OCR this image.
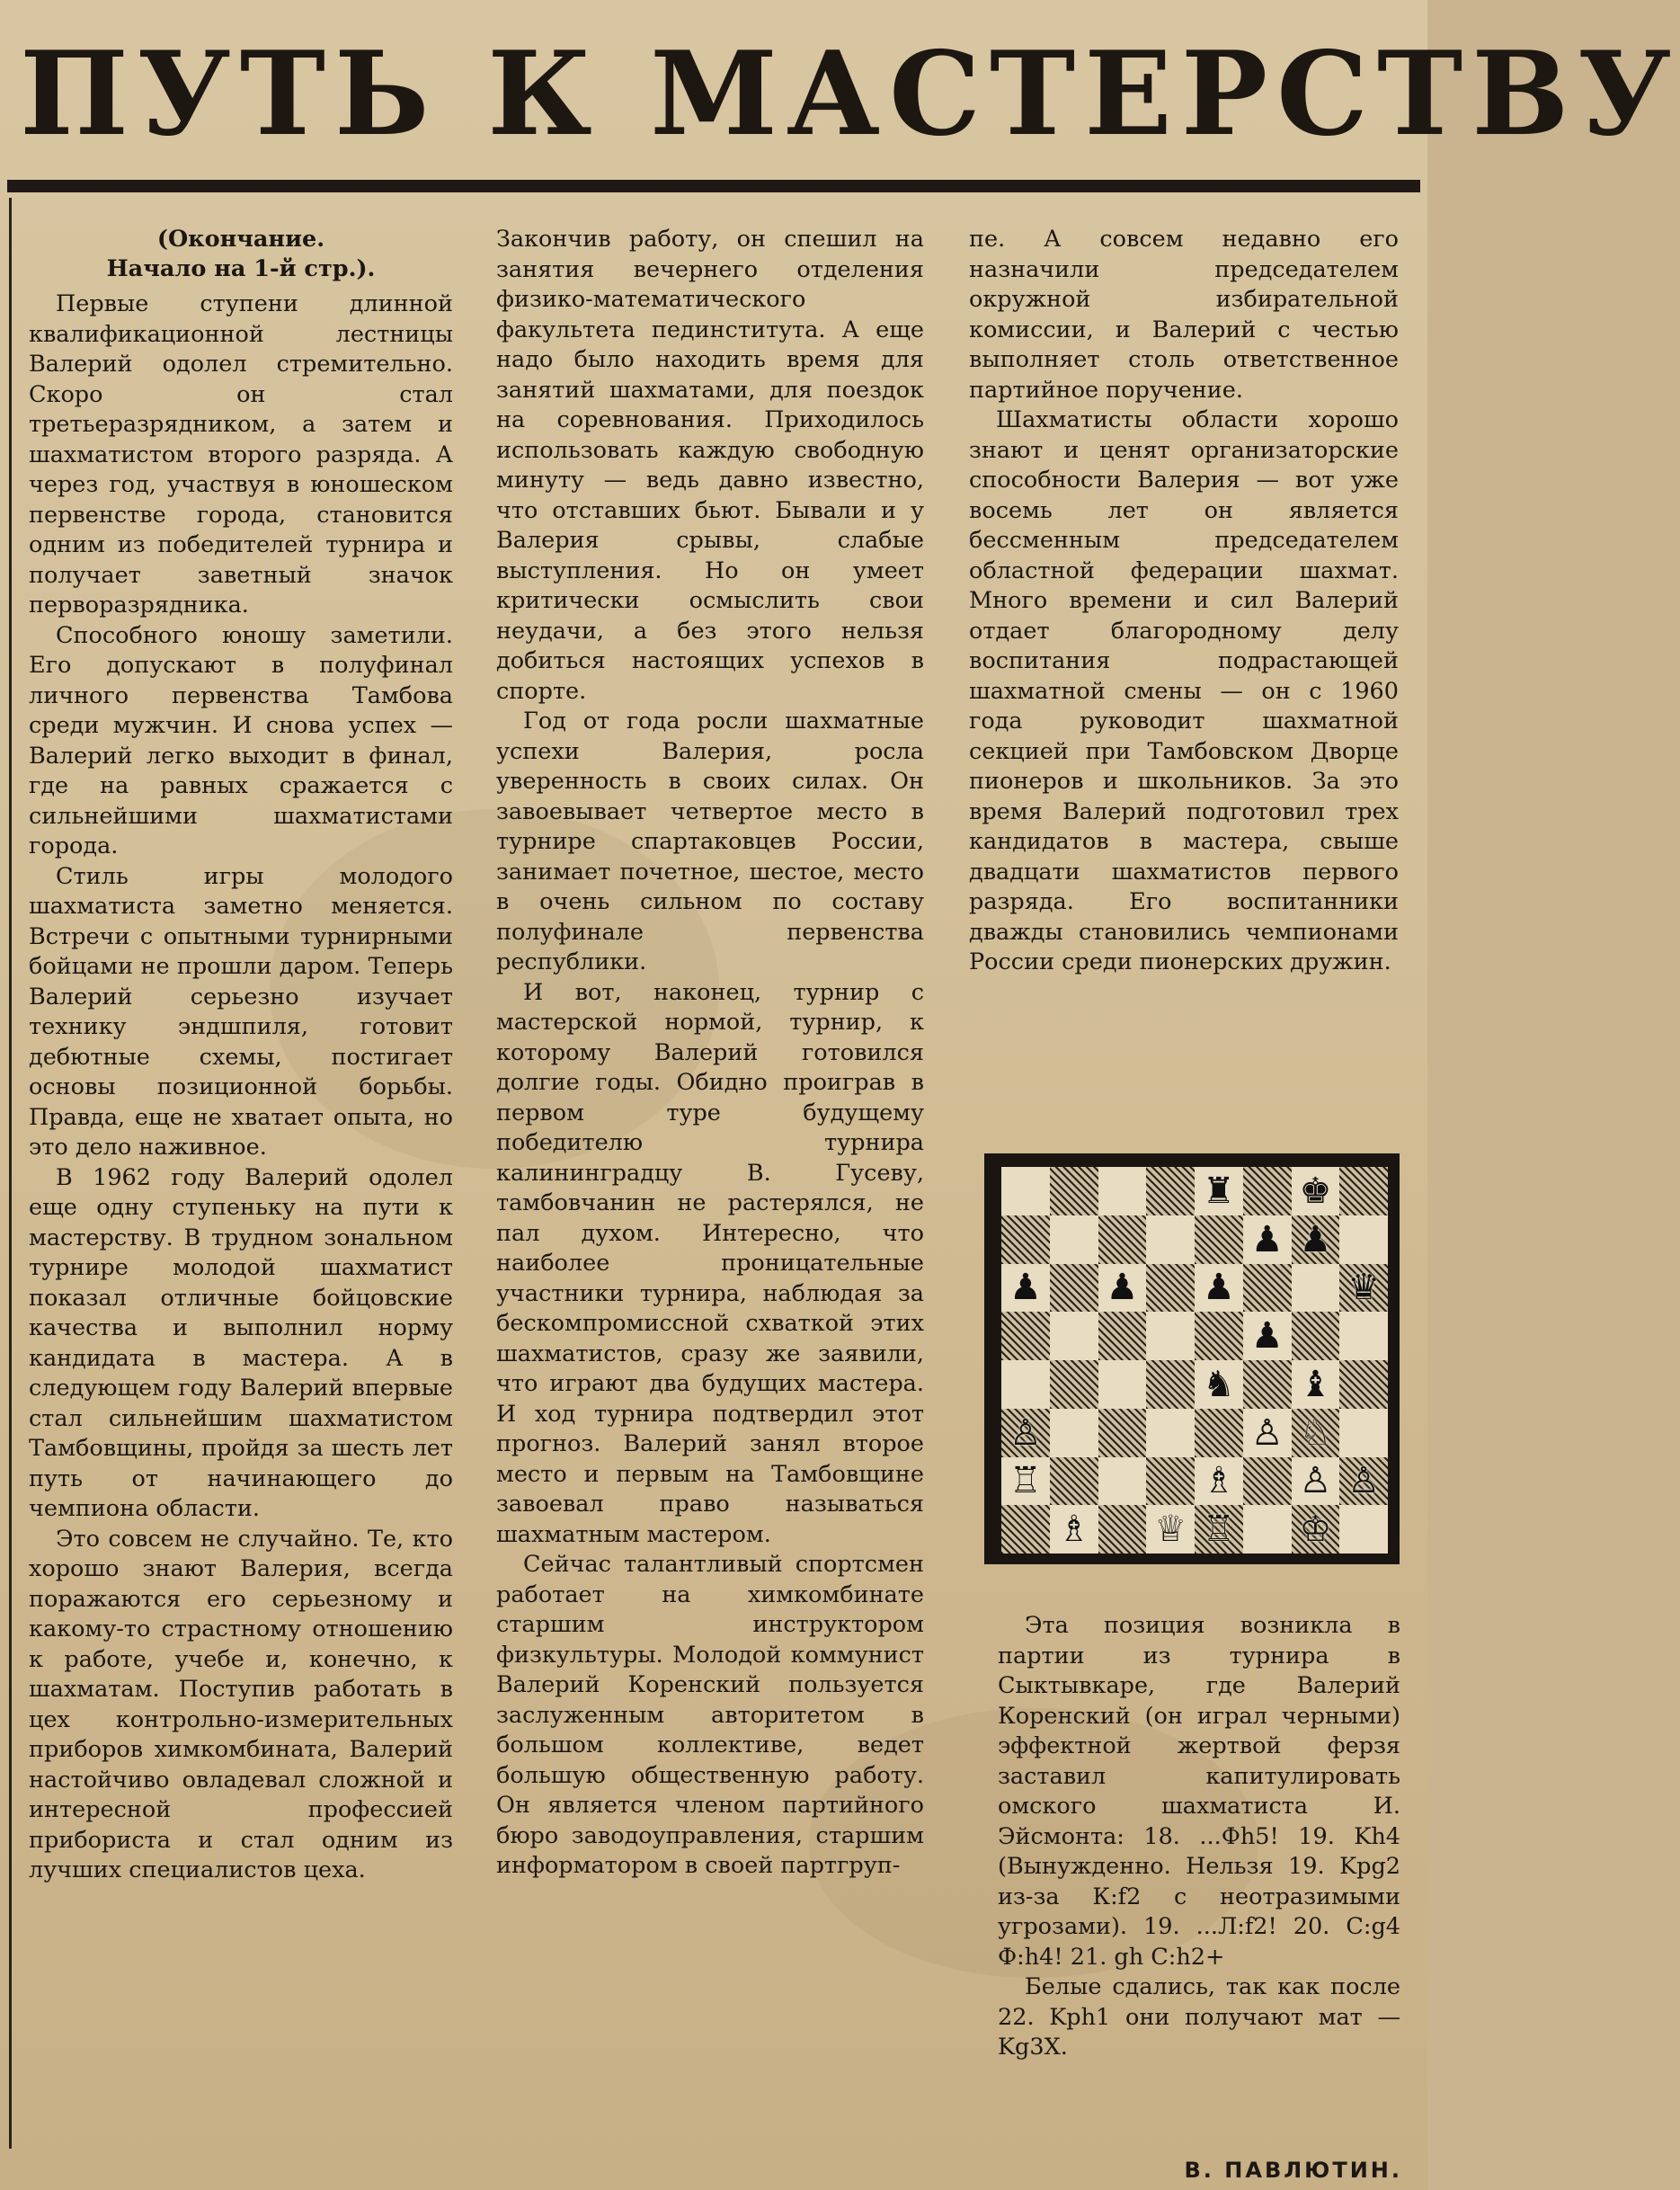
ПУТЬ К МАСТЕРСТВУ
(Окончание.
Начало на 1-й стр.).

Первые ступени длинной квалификационной лестницы Валерий одолел стремительно. Скоро он стал третьеразрядником, а затем и шахматистом второго разряда. А через год, участвуя в юношеском первенстве города, становится одним из победителей турнира и получает заветный значок перворазрядника.

Способного юношу заметили. Его допускают в полуфинал личного первенства Тамбова среди мужчин. И снова успех — Валерий легко выходит в финал, где на равных сражается с сильнейшими шахматистами города.

Стиль игры молодого шахматиста заметно меняется. Встречи с опытными турнирными бойцами не прошли даром. Теперь Валерий серьезно изучает технику эндшпиля, готовит дебютные схемы, постигает основы позиционной борьбы. Правда, еще не хватает опыта, но это дело наживное.

В 1962 году Валерий одолел еще одну ступеньку на пути к мастерству. В трудном зональном турнире молодой шахматист показал отличные бойцовские качества и выполнил норму кандидата в мастера. А в следующем году Валерий впервые стал сильнейшим шахматистом Тамбовщины, пройдя за шесть лет путь от начинающего до чемпиона области.

Это совсем не случайно. Те, кто хорошо знают Валерия, всегда поражаются его серьезному и какому-то страстному отношению к работе, учебе и, конечно, к шахматам. Поступив работать в цех контрольно-измерительных приборов химкомбината, Валерий настойчиво овладевал сложной и интересной профессией прибориста и стал одним из лучших специалистов цеха.

Закончив работу, он спешил на занятия вечернего отделения физико-математического факультета пединститута. А еще надо было находить время для занятий шахматами, для поездок на соревнования. Приходилось использовать каждую свободную минуту — ведь давно известно, что отставших бьют. Бывали и у Валерия срывы, слабые выступления. Но он умеет критически осмыслить свои неудачи, а без этого нельзя добиться настоящих успехов в спорте.

Год от года росли шахматные успехи Валерия, росла уверенность в своих силах. Он завоевывает четвертое место в турнире спартаковцев России, занимает почетное, шестое, место в очень сильном по составу полуфинале первенства республики.

И вот, наконец, турнир с мастерской нормой, турнир, к которому Валерий готовился долгие годы. Обидно проиграв в первом туре будущему победителю турнира калининградцу В. Гусеву, тамбовчанин не растерялся, не пал духом. Интересно, что наиболее проницательные участники турнира, наблюдая за бескомпромиссной схваткой этих шахматистов, сразу же заявили, что играют два будущих мастера. И ход турнира подтвердил этот прогноз. Валерий занял второе место и первым на Тамбовщине завоевал право называться шахматным мастером.

Сейчас талантливый спортсмен работает на химкомбинате старшим инструктором физкультуры. Молодой коммунист Валерий Коренский пользуется заслуженным авторитетом в большом коллективе, ведет большую общественную работу. Он является членом партийного бюро заводоуправления, старшим информатором в своей партгруп-

пе. А совсем недавно его назначили председателем окружной избирательной комиссии, и Валерий с честью выполняет столь ответственное партийное поручение.

Шахматисты области хорошо знают и ценят организаторские способности Валерия — вот уже восемь лет он является бессменным председателем областной федерации шахмат. Много времени и сил Валерий отдает благородному делу воспитания подрастающей шахматной смены — он с 1960 года руководит шахматной секцией при Тамбовском Дворце пионеров и школьников. За это время Валерий подготовил трех кандидатов в мастера, свыше двадцати шахматистов первого разряда. Его воспитанники дважды становились чемпионами России среди пионерских дружин.

♜ ♚
♟ ♟
♟ ♟ ♟	♛
♟
♞ ♝
♙	♙ ♘
♖	♗ ♙ ♙
♗ ♕ ♖ ♔

Эта позиция возникла в партии из турнира в Сыктывкаре, где Валерий Коренский (он играл черными) эффектной жертвой ферзя заставил капитулировать омского шахматиста И. Эйсмонта: 18. ...Фh5! 19. Kh4 (Вынужденно. Нельзя 19. Kpg2 из-за К:f2 с неотразимыми угрозами). 19. ...Л:f2! 20. C:g4 Ф:h4! 21. gh C:h2+

Белые сдались, так как после 22. Kph1 они получают мат — Kg3X.

В. ПАВЛЮТИН.
